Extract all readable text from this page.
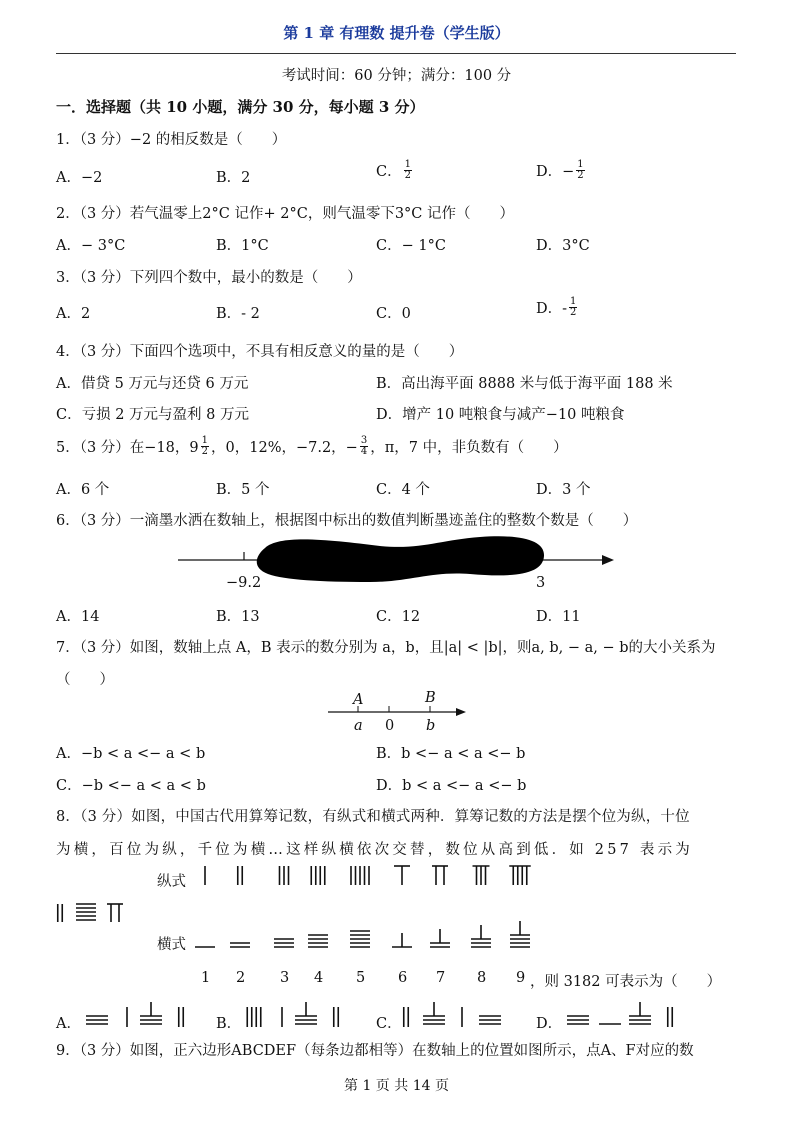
第 1 章 有理数 提升卷（学生版）
考试时间：60 分钟；满分：100 分
一．选择题（共 10 小题，满分 30 分，每小题 3 分）
1．（3 分）−2 的相反数是（　　）
A．−2	B．2	C． $\frac{1}{2}$	D．− $\frac{1}{2}$
2．（3 分）若气温零上2°C 记作+ 2°C，则气温零下3°C 记作（　　）
A．− 3°C	B．1°C	C．− 1°C	D．3°C
3．（3 分）下列四个数中，最小的数是（　　）
A．2	B．- 2	C．0	D．- $\frac{1}{2}$
4．（3 分）下面四个选项中，不具有相反意义的量的是（　　）
A．借贷 5 万元与还贷 6 万元	B．高出海平面 8888 米与低于海平面 188 米
C．亏损 2 万元与盈利 8 万元	D．增产 10 吨粮食与减产−10 吨粮食
5．（3 分）在−18，$9 \frac{1}{2}$ ，0，12%，−7.2，− $\frac{3}{4}$ ，π，7 中，非负数有（　　）
A．6 个	B．5 个	C．4 个	D．3 个
6．（3 分）一滴墨水洒在数轴上，根据图中标出的数值判断墨迹盖住的整数个数是（　　）
−9.2	3
A．14	B．13	C．12	D．11
7．（3 分）如图，数轴上点 A，B 表示的数分别为 a，b，且|a| < |b|，则a, b, − a, − b的大小关系为
（　　）
A	B
a 0 b
A．−b < a <− a < b	B．b <− a < a <− b
C．−b <− a < a < b	D．b < a <− a <− b
8．（3 分）如图，中国古代用算筹记数，有纵式和横式两种．算筹记数的方法是摆个位为纵，十位
为横，百位为纵，千位为横…这样纵横依次交替，数位从高到低．如 257 表示为
纵式
横式
1 2 3 4 5 6 7 8 9 ，则 3182 可表示为（　　）
A．	B．	C．	D．
9．（3 分）如图，正六边形ABCDEF（每条边都相等）在数轴上的位置如图所示，点A、F对应的数
第 1 页 共 14 页
